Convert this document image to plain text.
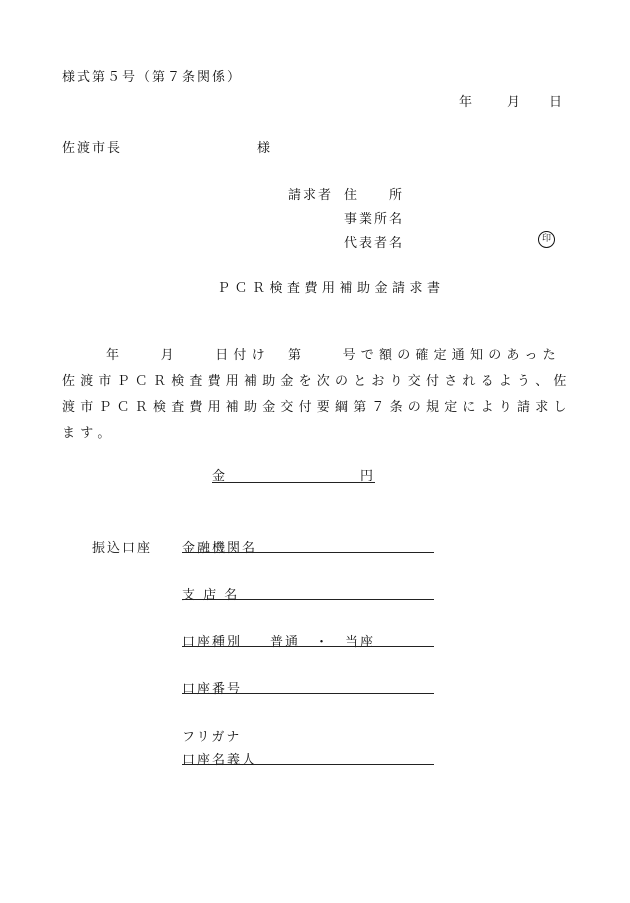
様式第５号（第７条関係）
年	月 日
佐渡市長	様
請求者 住　　所
事業所名
代表者名	印
ＰＣＲ検査費用補助金請求書
年　　月　　日付け　第　　号で額の確定通知のあった佐渡市ＰＣＲ検査費用補助金を次のとおり交付されるよう、佐渡市ＰＣＲ検査費用補助金交付要綱第７条の規定により請求します。
金	円
振込口座 金融機関名
支 店 名
口座種別 普通　・　当座
口座番号
フリガナ
口座名義人
